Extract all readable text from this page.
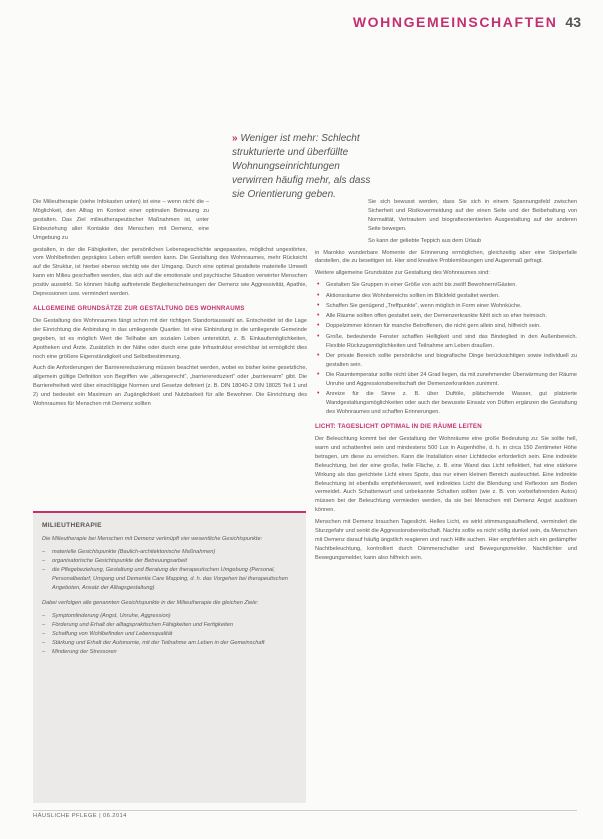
WOHNGEMEINSCHAFTEN 43
» Weniger ist mehr: Schlecht strukturierte und überfüllte Wohnungseinrichtungen verwirren häufig mehr, als dass sie Orientierung geben.

Die Milieutherapie (siehe Infokasten unten) ist eine – wenn nicht die – Möglichkeit, den Alltag im Kontext einer optimalen Betreuung zu gestalten. Das Ziel milieutherapeutischer Maßnahmen ist, unter Einbeziehung aller Kontakte des Menschen mit Demenz, eine Umgebung zu

gestalten, in der die Fähigkeiten, der persönlichen Lebensgeschichte angepasstes, möglichst ungestörtes, vom Wohlbefinden geprägtes Leben erfüllt werden kann. Die Gestaltung des Wohnraumes, mehr Rücksicht auf die Struktur, ist hierbei ebenso wichtig wie der Umgang. Durch eine optimal gestaltete materielle Umwelt kann ein Milieu geschaffen werden, das sich auf die emotionale und psychische Situation verwirrter Menschen positiv auswirkt. So können häufig auftretende Begleiterscheinungen der Demenz wie Aggressivität, Apathie, Depressionen usw. vermindert werden.

ALLGEMEINE GRUNDSÄTZE ZUR GESTALTUNG DES WOHNRAUMS

Die Gestaltung des Wohnraumes fängt schon mit der richtigen Standortauswahl an. Entscheidet ist die Lage der Einrichtung die Anbindung in das umliegende Quartier. Ist eine Einbindung in die umliegende Gemeinde gegeben, ist es möglich Wert die Teilhabe am sozialen Leben unterstützt, z. B. Einkaufsmöglichkeiten, Apotheken und Ärzte. Zusätzlich in der Nähe oder durch eine gute Infrastruktur erreichbar ist ermöglicht dies noch eine größere Eigenständigkeit und Selbstbestimmung.

Auch die Anforderungen der Barrierereduzierung müssen beachtet werden, wobei es bisher keine gesetzliche, allgemein gültige Definition von Begriffen wie „altersgerecht“, „barrierereduziert“ oder „barrierearm“ gibt. Die Barrierefreiheit wird über einschlägige Normen und Gesetze definiert (z. B. DIN 18040-2 DIN 18025 Teil 1 und 2) und bedeutet ein Maximum an Zugänglichkeit und Nutzbarkeit für alle Bewohner. Die Einrichtung des Wohnraumes für Menschen mit Demenz sollten

Sie sich bewusst werden, dass Sie sich in einem Spannungsfeld zwischen Sicherheit und Risikovermeidung auf der einen Seite und der Beibehaltung von Normalität, Vertrautem und biografieorientierten Ausgestaltung auf der anderen Seite bewegen.

So kann der geliebte Teppich aus dem Urlaub

in Marokko wunderbare Momente der Erinnerung ermöglichen, gleichzeitig aber eine Stolperfalle darstellen, die zu beseitigen ist. Hier sind kreative Problemlösungen und Augenmaß gefragt.

Weitere allgemeine Grundsätze zur Gestaltung des Wohnraumes sind:

• Gestalten Sie Gruppen in einer Größe von acht bis zwölf Bewohnern/Gästen.
• Aktionsräume des Wohnbereichs sollten im Blickfeld gestaltet werden.
• Schaffen Sie genügend „Treffpunkte“, wenn möglich in Form einer Wohnküche.
• Alle Räume sollten offen gestaltet sein, der Demenzerkrankte fühlt sich so eher heimisch.
• Doppelzimmer können für manche Betroffenen, die nicht gern allein sind, hilfreich sein.
• Große, bedeutende Fenster schaffen Helligkeit und sind das Bindeglied in den Außenbereich. Flexible Rückzugsmöglichkeiten und Teilnahme am Leben draußen.
• Der private Bereich sollte persönliche und biografische Dinge berücksichtigen sowie individuell zu gestalten sein.
• Die Raumtemperatur sollte nicht über 24 Grad liegen, da mit zunehmender Überwärmung der Räume Unruhe und Aggressionsbereitschaft der Demenzerkrankten zunimmt.
• Anreize für die Sinne z. B. über Duftöle, plätschernde Wasser, gut platzierte Wandgestaltungsmöglichkeiten oder auch der bewusste Einsatz von Düften ergänzen die Gestaltung des Wohnraumes und schaffen Erinnerungen.
LICHT: TAGESLICHT OPTIMAL IN DIE RÄUME LEITEN

Der Beleuchtung kommt bei der Gestaltung der Wohnräume eine große Bedeutung zu: Sie sollte hell, warm und schattenfrei sein und mindestens 500 Lux in Augenhöhe, d. h. in circa 150 Zentimeter Höhe betragen, um diese zu erreichen. Kann die Installation einer Lichtdecke erforderlich sein. Eine indirekte Beleuchtung, bei der eine große, helle Fläche, z. B. eine Wand das Licht reflektiert, hat eine stärkere Wirkung als das gerichtete Licht eines Spots, das nur einen kleinen Bereich ausleuchtet. Eine indirekte Beleuchtung ist ebenfalls empfehlenswert, weil indirektes Licht die Blendung und Reflexion am Boden vermeidet. Auch Schattenwurf und unbekannte Schatten sollten (wie z. B. von vorbeifahrenden Autos) müssen bei der Beleuchtung vermieden werden, da sie bei Menschen mit Demenz Angst auslösen können.

Menschen mit Demenz brauchen Tageslicht. Helles Licht, es wirkt stimmungsaufhellend, vermindert die Sturzgefahr und senkt die Aggressionsbereitschaft. Nachts sollte es nicht völlig dunkel sein, da Menschen mit Demenz darauf häufig ängstlich reagieren und nach Hilfe suchen. Hier empfehlen sich ein gedämpfter Nachtbeleuchtung, kontrolliert durch Dämmerschalter und Bewegungsmelder. Nachtlichter und Bewegungsmelder, kann also hilfreich sein.

MILIEUTHERAPIE

Die Milieutherapie bei Menschen mit Demenz verknüpft vier wesentliche Gesichtspunkte:

– materielle Gesichtspunkte (Baulich-architektonische Maßnahmen)
– organisatorische Gesichtspunkte der Betreuungsarbeit
– die Pflegebeziehung, Gestaltung und Beratung der therapeutischen Umgebung (Personal, Personalbedarf, Umgang und Dementia Care Mapping, d. h. das Vorgehen bei therapeutischen Angeboten, Ansatz der Alltagsgestaltung)

Dabei verfolgen alle genannten Gesichtspunkte in der Milieutherapie die gleichen Ziele:

– Symptomlinderung (Angst, Unruhe, Aggression)
– Förderung und Erhalt der alltagspraktischen Fähigkeiten und Fertigkeiten
– Schaffung von Wohlbefinden und Lebensqualität
– Stärkung und Erhalt der Autonomie, mit der Teilnahme am Leben in der Gemeinschaft
– Minderung der Stressoren
HÄUSLICHE PFLEGE | 06.2014
